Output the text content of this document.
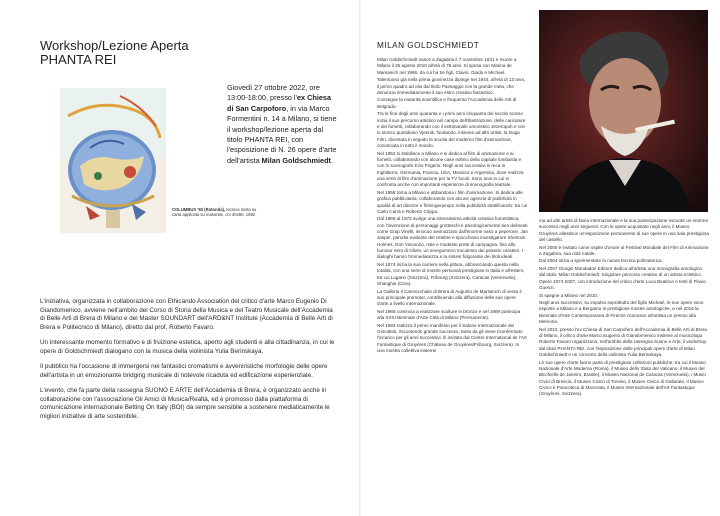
Workshop/Lezione Aperta
PHANTA REI
COLUMBUS '92 (Rotonda), tecnica mista su carta applicata su masonite, cm 40x60, 1992
Giovedì 27 ottobre 2022, ore 13:00-18:00, presso l'ex Chiesa di San Carpoforo, in via Marco Formentini n. 14 a Milano, si tiene il workshop/lezione aperta dal titolo PHANTA REI, con l'esposizione di N. 26 opere d'arte dell'artista Milan Goldschmiedt.

L'iniziativa, organizzata in collaborazione con Ethicando Association del critico d'arte Marco Eugenio Di Giandomenico, avviene nell'ambito del Corso di Storia della Musica e del Teatro Musicale dell'Accademia di Belle Arti di Brera di Milano e del Master SOUNDART dell'ARD&NT Institute (Accademia di Belle Arti di Brera e Politecnico di Milano), diretto dal prof. Roberto Favaro.

Un interessante momento formativo e di fruizione estetica, aperto agli studenti e alla cittadinanza, in cui le opere di Goldschmiedt dialogano con la musica della violinista Yulia Berinskaya.

Il pubblico ha l'occasione di immergersi nei fantastici cromatismi e avveniristiche morfologie delle opere dell'artista in un emozionante bridging musicale di notevole ricaduta ed edificazione esperienziale.

L'evento, che fa parte della rassegna SUONO E ARTE dell'Accademia di Brera, è organizzato anche in collaborazione con l'associazione Gli Amici di Musica/Realtà, ed è promosso dalla piattaforma di comunicazione internazionale Betting On Italy (BOI) da sempre sensibile a sostenere mediaticamente le migliori iniziative di arte sostenibile.

MILAN GOLDSCHMIEDT

Milan Goldschmiedt nasce a Zagabria il 7 novembre 1931 e muore a Milano il 26 agosto 2010 all'età di 78 anni. Si sposa con Marina de Marsanich nel 1966, da cui ha tre figli, Clavio, Giada e Michael.

Talentuoso già nella prima giovinezza dipinge nei 1944, all'età di 13 anni, il primo quadro ad olio dal titolo Paesaggio con la grande mela, che denuncia immediatamente il suo estro creativo fantastico.

Consegue la maturità scientifica e frequenta l'Accademia delle Arti di Belgrado.

Tra le fine degli anni quaranta e i primi anni cinquanta dei secolo scorso inizia il suo percorso artistico nel campo dell'illustrazione, delle caricature e dei fumetti, collaborando con il settimanale umoristico Jezeropuh e con lo storico quotidiano Vjesnik, fondando, insieme ad altri artisti, la Duga Film, diventata in seguito la scuola del moderno film d'animazione, conosciuta in tutto il mondo.

Nel 1952 si stabilisce a Milano e si dedica al film di animazione e ai fumetti, collaborando con alcune case editrici della capitale lombarda e con lo scenografo Ezio Frigerio. Negli anni successivi si reca in Inghilterra, Germania, Francia, USA, Messico e Argentina, dove realizza una serie di film d'animazione per la TV locali. Sono anni in cui si confronta anche con importanti esperienze di scenografia teatrale.

Nel 1958 torna a Milano e abbandona i film d'animazione. Si dedica alle grafica pubblicitaria, collaborando con alcune agenzie di pubblicità in qualità di art director e firmingerpeopo nella pubblicità stratificando: tra cui Carlo Carrà e Roberto Crippa.

Dal 1969 al 1972 svolge una intensissima attività creativa fumettistica, con l'invenzione di personaggi grotteschi e psicologicamente ben delineati come Grap Vinelli, innocuo avvinazzato dall'enorme naso a peperone, Jan Jasper, parodia evidente del celebre e spocchioso investigatore Sherlock Holmes, Don Vincenzo, mite e modesto prete di campagna, fino allo humour nero di Oliver, un energumeno truculento dai pessimi caratteri. I dialoghi hanno l'immediatezza e la sintesi folgorante dei titoli ideali.

Nel 1974 inizia la sua carriera nella pittura, abbracciando questa nella totalità, con una serie di mostre personali prestigiose in Italia e all'estero, tra cui Lugano (Svizzera), Fribourg (Svizzera), Caracas (Venezuela), Shanghai (Cina).

La Galleria Il Cannocchiale di Brera di Augusto de Marsanich di venta il suo principale promotor, contribuendo alla diffusione delle sue opere d'arte a livello internazionale.

Nel 1986 comincia a realizzare sculture in bronzo e nel 1989 partecipa alla XXXI Biennale d'Arte Città di Milano (Permanente).

Nel 1993 realizza il primo manifesto per il Salone Internazionale dei Giocattoli, riscuotendo grande successo, tanto da gli viene riconfermato l'incarico per gli anni successivi. È invitato dal Centre International de l'Art Fantastique di Gruyères (Château de Gruyères/Fribourg, Svizzera). In una mostra collettiva insieme

ma ad altri artisti di fama internazionale e la sua partecipazione riscuote un enorme successo negli anni seguenti. Con le opere acquistate negli anni, il Museo Gruyères allestisce un'esposizione permanente di sue opere in una sala prestigiosa del castello.

Nel 2000 è invitato come ospite d'onore al Festival Mondiale del Film di Animazione a Zagabria, sua città natale.

Dal 2004 inizia a sperimentare la nuova tecnica polimaterica.

Nel 2007 Giorgio Mondadori Editore dedica all'artista una monografia antologica dal titolo: Milan Goldschmiedt. Singolare percorso creativo di un artista eclettico. Opere 1974-2007, con introduzione del critico d'arte Luca Beatrice e testi di Flavio Guenzi.

Si spegne a Milano nel 2010.

Negli anni successivi, su impulso soprattutto del figlio Michael, le sue opere sono esposte a Milano e a Bergamo in prestigiose mostre antologiche, e nel 2016 la Biennale d'Arte Contemporanea di Firenze riconosce all'artista un premio alla Memoria.

Nel 2022, presso l'ex Chiesa di San Carpoforo dell'Accademia di Belle Arti di Brera di Milano, il critico d'arte Marco Eugenio di Giandomenico insieme al musicologo Roberto Favaro organizzano, nell'ambito della rassegna Suono e Arte, il workshop dal titolo PHANTA REI, con l'esposizione delle principali opere d'arte di Milan Goldschmiedt e un concerto della violinista Yulia Berinskaya.

Le sue opere d'arte fanno parte di prestigiose collezioni pubbliche, tra cui il Museo Nazionale d'Arte Moderna (Roma), il Museo dello Stato del Vaticano, il Museo del Bicchiello de Janeiro, Brasile), il Museo Nacional de Caracas (Venezuela), i Musei Civici di Brescia, il Museo Civico di Treviso, il Museo Civico di Gallarate, il Museo Civico e Pinacoteca di Macerata, il Museo Internazionale dell'Art Fantastique (Gruyères, Svizzera).
